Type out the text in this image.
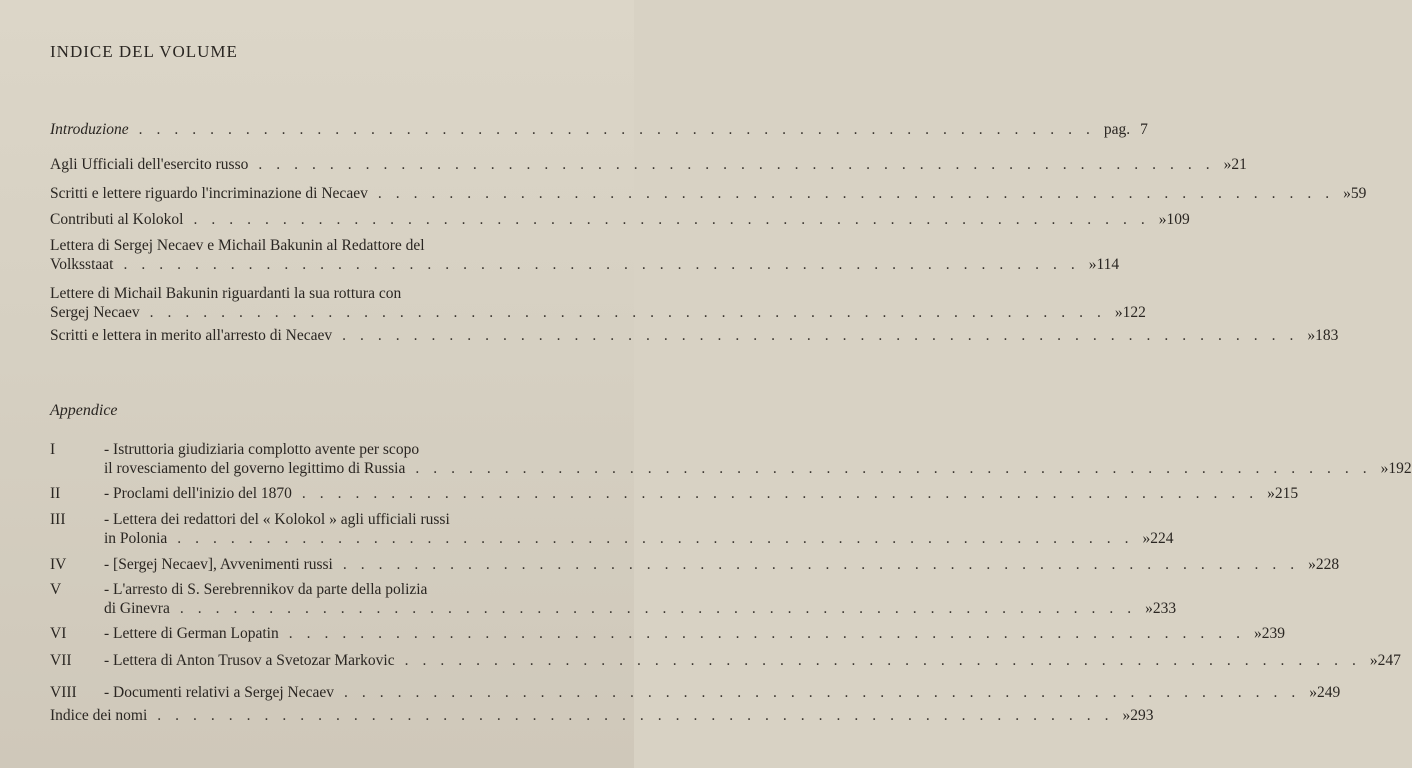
INDICE DEL VOLUME
Introduzione ...................................................... pag. 7
Agli Ufficiali dell'esercito russo ...................................................... » 21
Scritti e lettere riguardo l'incriminazione di Necaev ...................................................... » 59
Contributi al Kolokol ...................................................... » 109
Lettera di Sergej Necaev e Michail Bakunin al Redattore del
Volksstaat ...................................................... » 114
Lettere di Michail Bakunin riguardanti la sua rottura con
Sergej Necaev ...................................................... » 122
Scritti e lettera in merito all'arresto di Necaev ...................................................... » 183
Appendice
I	- Istruttoria giudiziaria complotto avente per scopo
il rovesciamento del governo legittimo di Russia ...................................................... » 192
II	- Proclami dell'inizio del 1870 ...................................................... » 215
III	- Lettera dei redattori del « Kolokol » agli ufficiali russi
in Polonia ...................................................... » 224
IV	- [Sergej Necaev], Avvenimenti russi ...................................................... » 228
V	- L'arresto di S. Serebrennikov da parte della polizia
di Ginevra ...................................................... » 233
VI	- Lettere di German Lopatin ...................................................... » 239
VII	- Lettera di Anton Trusov a Svetozar Markovic ...................................................... » 247
VIII	- Documenti relativi a Sergej Necaev ...................................................... » 249
Indice dei nomi ...................................................... » 293
